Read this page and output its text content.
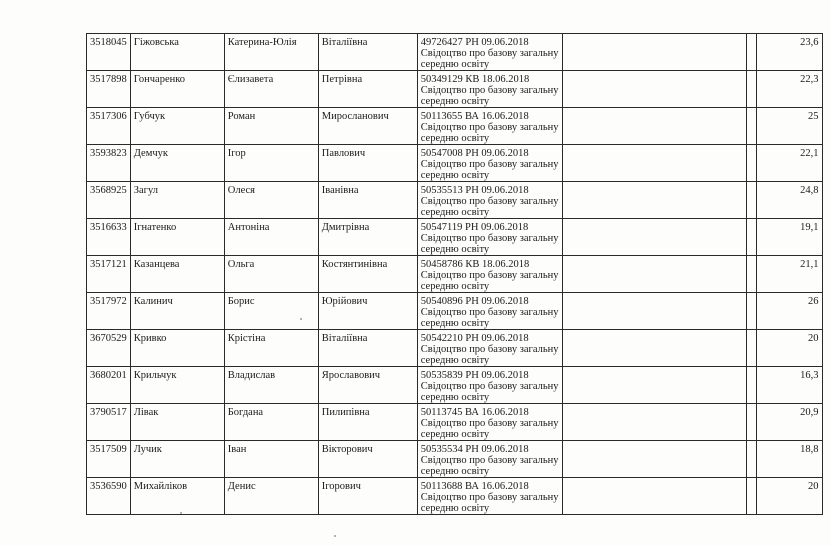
3518045	Гіжовська	Катерина-Юлія	Віталіївна	49726427 РН 09.06.2018
Свідоцтво про базову загальну
середню освіту			23,6
3517898	Гончаренко	Єлизавета	Петрівна	50349129 КВ 18.06.2018
Свідоцтво про базову загальну
середню освіту			22,3
3517306	Губчук	Роман	Миросланович	50113655 ВА 16.06.2018
Свідоцтво про базову загальну
середню освіту			25
3593823	Демчук	Ігор	Павлович	50547008 РН 09.06.2018
Свідоцтво про базову загальну
середню освіту			22,1
3568925	Загул	Олеся	Іванівна	50535513 РН 09.06.2018
Свідоцтво про базову загальну
середню освіту			24,8
3516633	Ігнатенко	Антоніна	Дмитрівна	50547119 РН 09.06.2018
Свідоцтво про базову загальну
середню освіту			19,1
3517121	Казанцева	Ольга	Костянтинівна	50458786 КВ 18.06.2018
Свідоцтво про базову загальну
середню освіту			21,1
3517972	Калинич	Борис	Юрійович	50540896 РН 09.06.2018
Свідоцтво про базову загальну
середню освіту			26
3670529	Кривко	Крістіна	Віталіївна	50542210 РН 09.06.2018
Свідоцтво про базову загальну
середню освіту			20
3680201	Крильчук	Владислав	Ярославович	50535839 РН 09.06.2018
Свідоцтво про базову загальну
середню освіту			16,3
3790517	Лівак	Богдана	Пилипівна	50113745 ВА 16.06.2018
Свідоцтво про базову загальну
середню освіту			20,9
3517509	Лучик	Іван	Вікторович	50535534 РН 09.06.2018
Свідоцтво про базову загальну
середню освіту			18,8
3536590	Михайліков	Денис	Ігорович	50113688 ВА 16.06.2018
Свідоцтво про базову загальну
середню освіту			20
